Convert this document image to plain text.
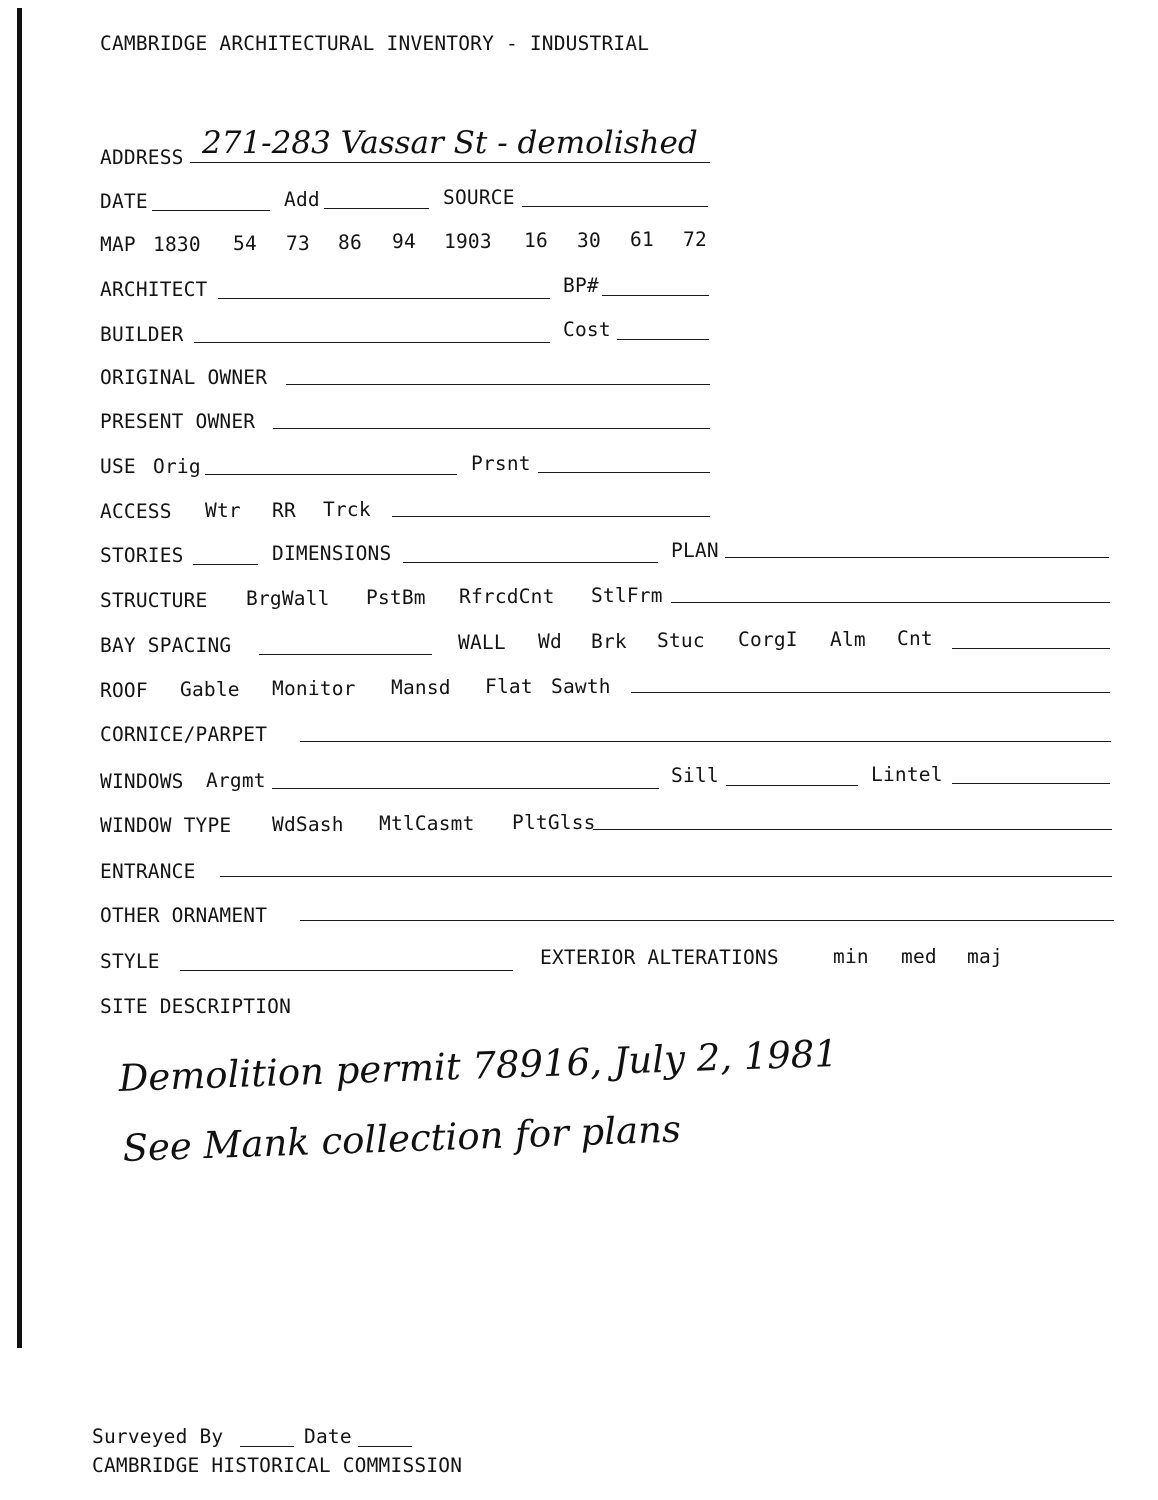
CAMBRIDGE ARCHITECTURAL INVENTORY - INDUSTRIAL
ADDRESS 271-283 Vassar St - demolished
DATE	Add	SOURCE
MAP 1830 54 73 86 94 1903 16 30 61 72
ARCHITECT	BP#
BUILDER	Cost
ORIGINAL OWNER
PRESENT OWNER
USE Orig	Prsnt
ACCESS Wtr RR Trck
STORIES	DIMENSIONS	PLAN
STRUCTURE BrgWall PstBm RfrcdCnt StlFrm
BAY SPACING	WALL Wd Brk Stuc CorgI Alm Cnt
ROOF Gable Monitor Mansd Flat Sawth
CORNICE/PARPET
WINDOWS Argmt	Sill	Lintel
WINDOW TYPE WdSash MtlCasmt PltGlss
ENTRANCE
OTHER ORNAMENT
STYLE	EXTERIOR ALTERATIONS	min med maj
SITE DESCRIPTION
Demolition permit 78916, July 2, 1981
See Mank collection for plans
Surveyed By	Date
CAMBRIDGE HISTORICAL COMMISSION
